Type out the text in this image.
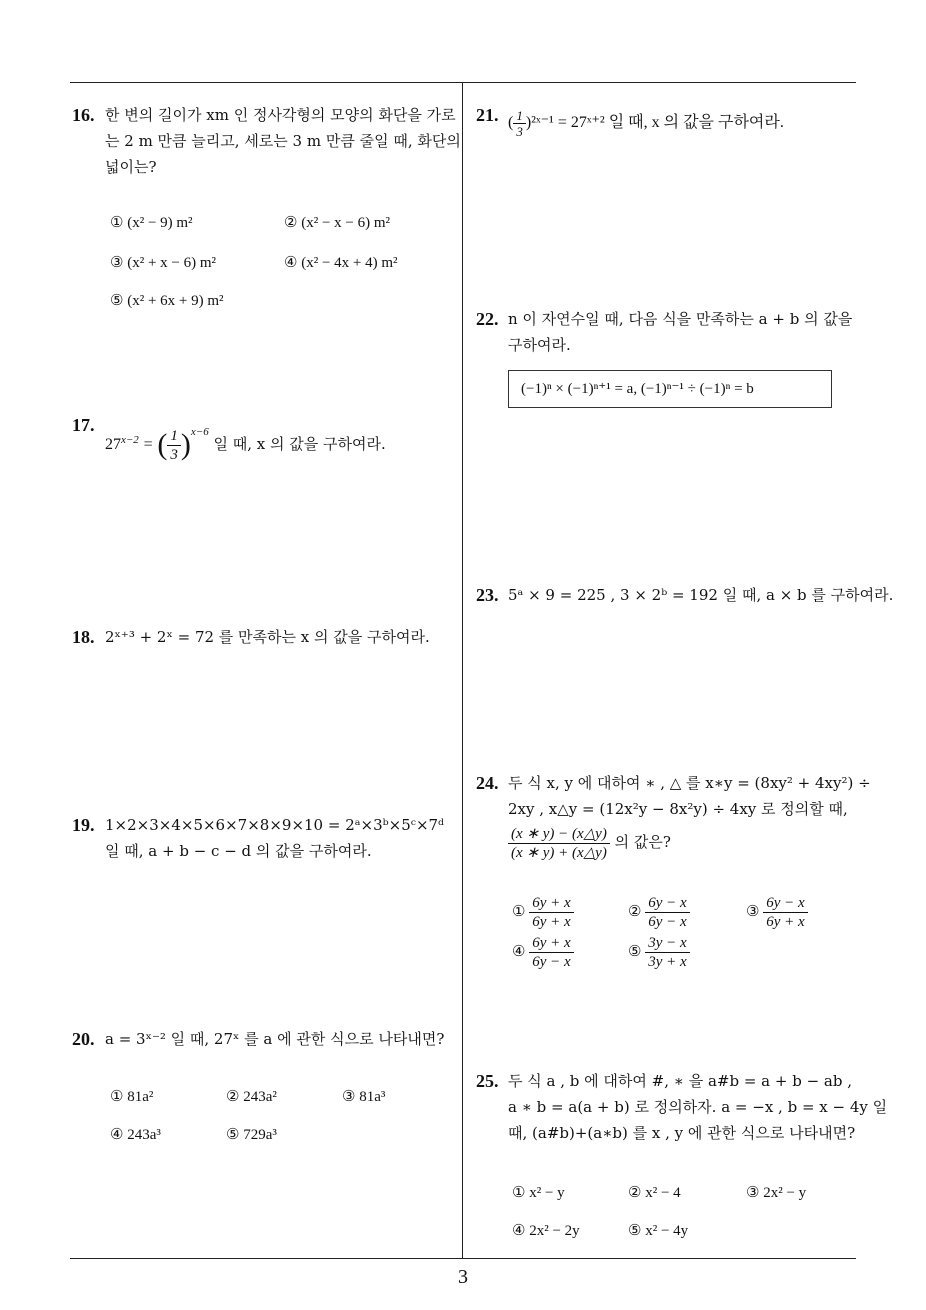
16. 한 변의 길이가 xm 인 정사각형의 모양의 화단을 가로
는 2 m 만큼 늘리고, 세로는 3 m 만큼 줄일 때, 화단의
넓이는?
① (x² − 9) m²	② (x² − x − 6) m²
③ (x² + x − 6) m²	④ (x² − 4x + 4) m²
⑤ (x² + 6x + 9) m²
17.
$27^{x-2}$ = ( $\frac{1}{3} )^{x-6}$ 일 때, x 의 값을 구하여라.
18. 2ˣ⁺³ + 2ˣ = 72 를 만족하는 x 의 값을 구하여라.
19. 1×2×3×4×5×6×7×8×9×10 = 2ᵃ×3ᵇ×5ᶜ×7ᵈ
일 때, a + b − c − d 의 값을 구하여라.
20. a = 3ˣ⁻² 일 때, 27ˣ 를 a 에 관한 식으로 나타내면?
① 81a²	② 243a²	③ 81a³
④ 243a³	⑤ 729a³
21. ( $\frac{1}{3}$ )²ˣ⁻¹ = 27ˣ⁺² 일 때, x 의 값을 구하여라.
22. n 이 자연수일 때, 다음 식을 만족하는 a + b 의 값을
구하여라.
(−1)ⁿ × (−1)ⁿ⁺¹ = a, (−1)ⁿ⁻¹ ÷ (−1)ⁿ = b
23. 5ᵃ × 9 = 225 , 3 × 2ᵇ = 192 일 때, a × b 를 구하여라.
24. 두 식 x, y 에 대하여 ∗ , △ 를 x∗y = (8xy² + 4xy²) ÷
2xy , x△y = (12x²y − 8x²y) ÷ 4xy 로 정의할 때,
$\frac{(x ∗ y) - (x\triangle y)}{(x ∗ y) + (x\triangle y)}$ 의 값은?
① $\frac{6y + x}{6y + x}$	② $\frac{6y - x}{6y - x}$	③ $\frac{6y - x}{6y + x}$
④ $\frac{6y + x}{6y - x}$	⑤ $\frac{3y - x}{3y + x}$
25. 두 식 a , b 에 대하여 #, ∗ 을 a#b = a + b − ab ,
a ∗ b = a(a + b) 로 정의하자. a = −x , b = x − 4y 일
때, (a#b)+(a∗b) 를 x , y 에 관한 식으로 나타내면?
① x² − y	② x² − 4	③ 2x² − y
④ 2x² − 2y	⑤ x² − 4y
3
